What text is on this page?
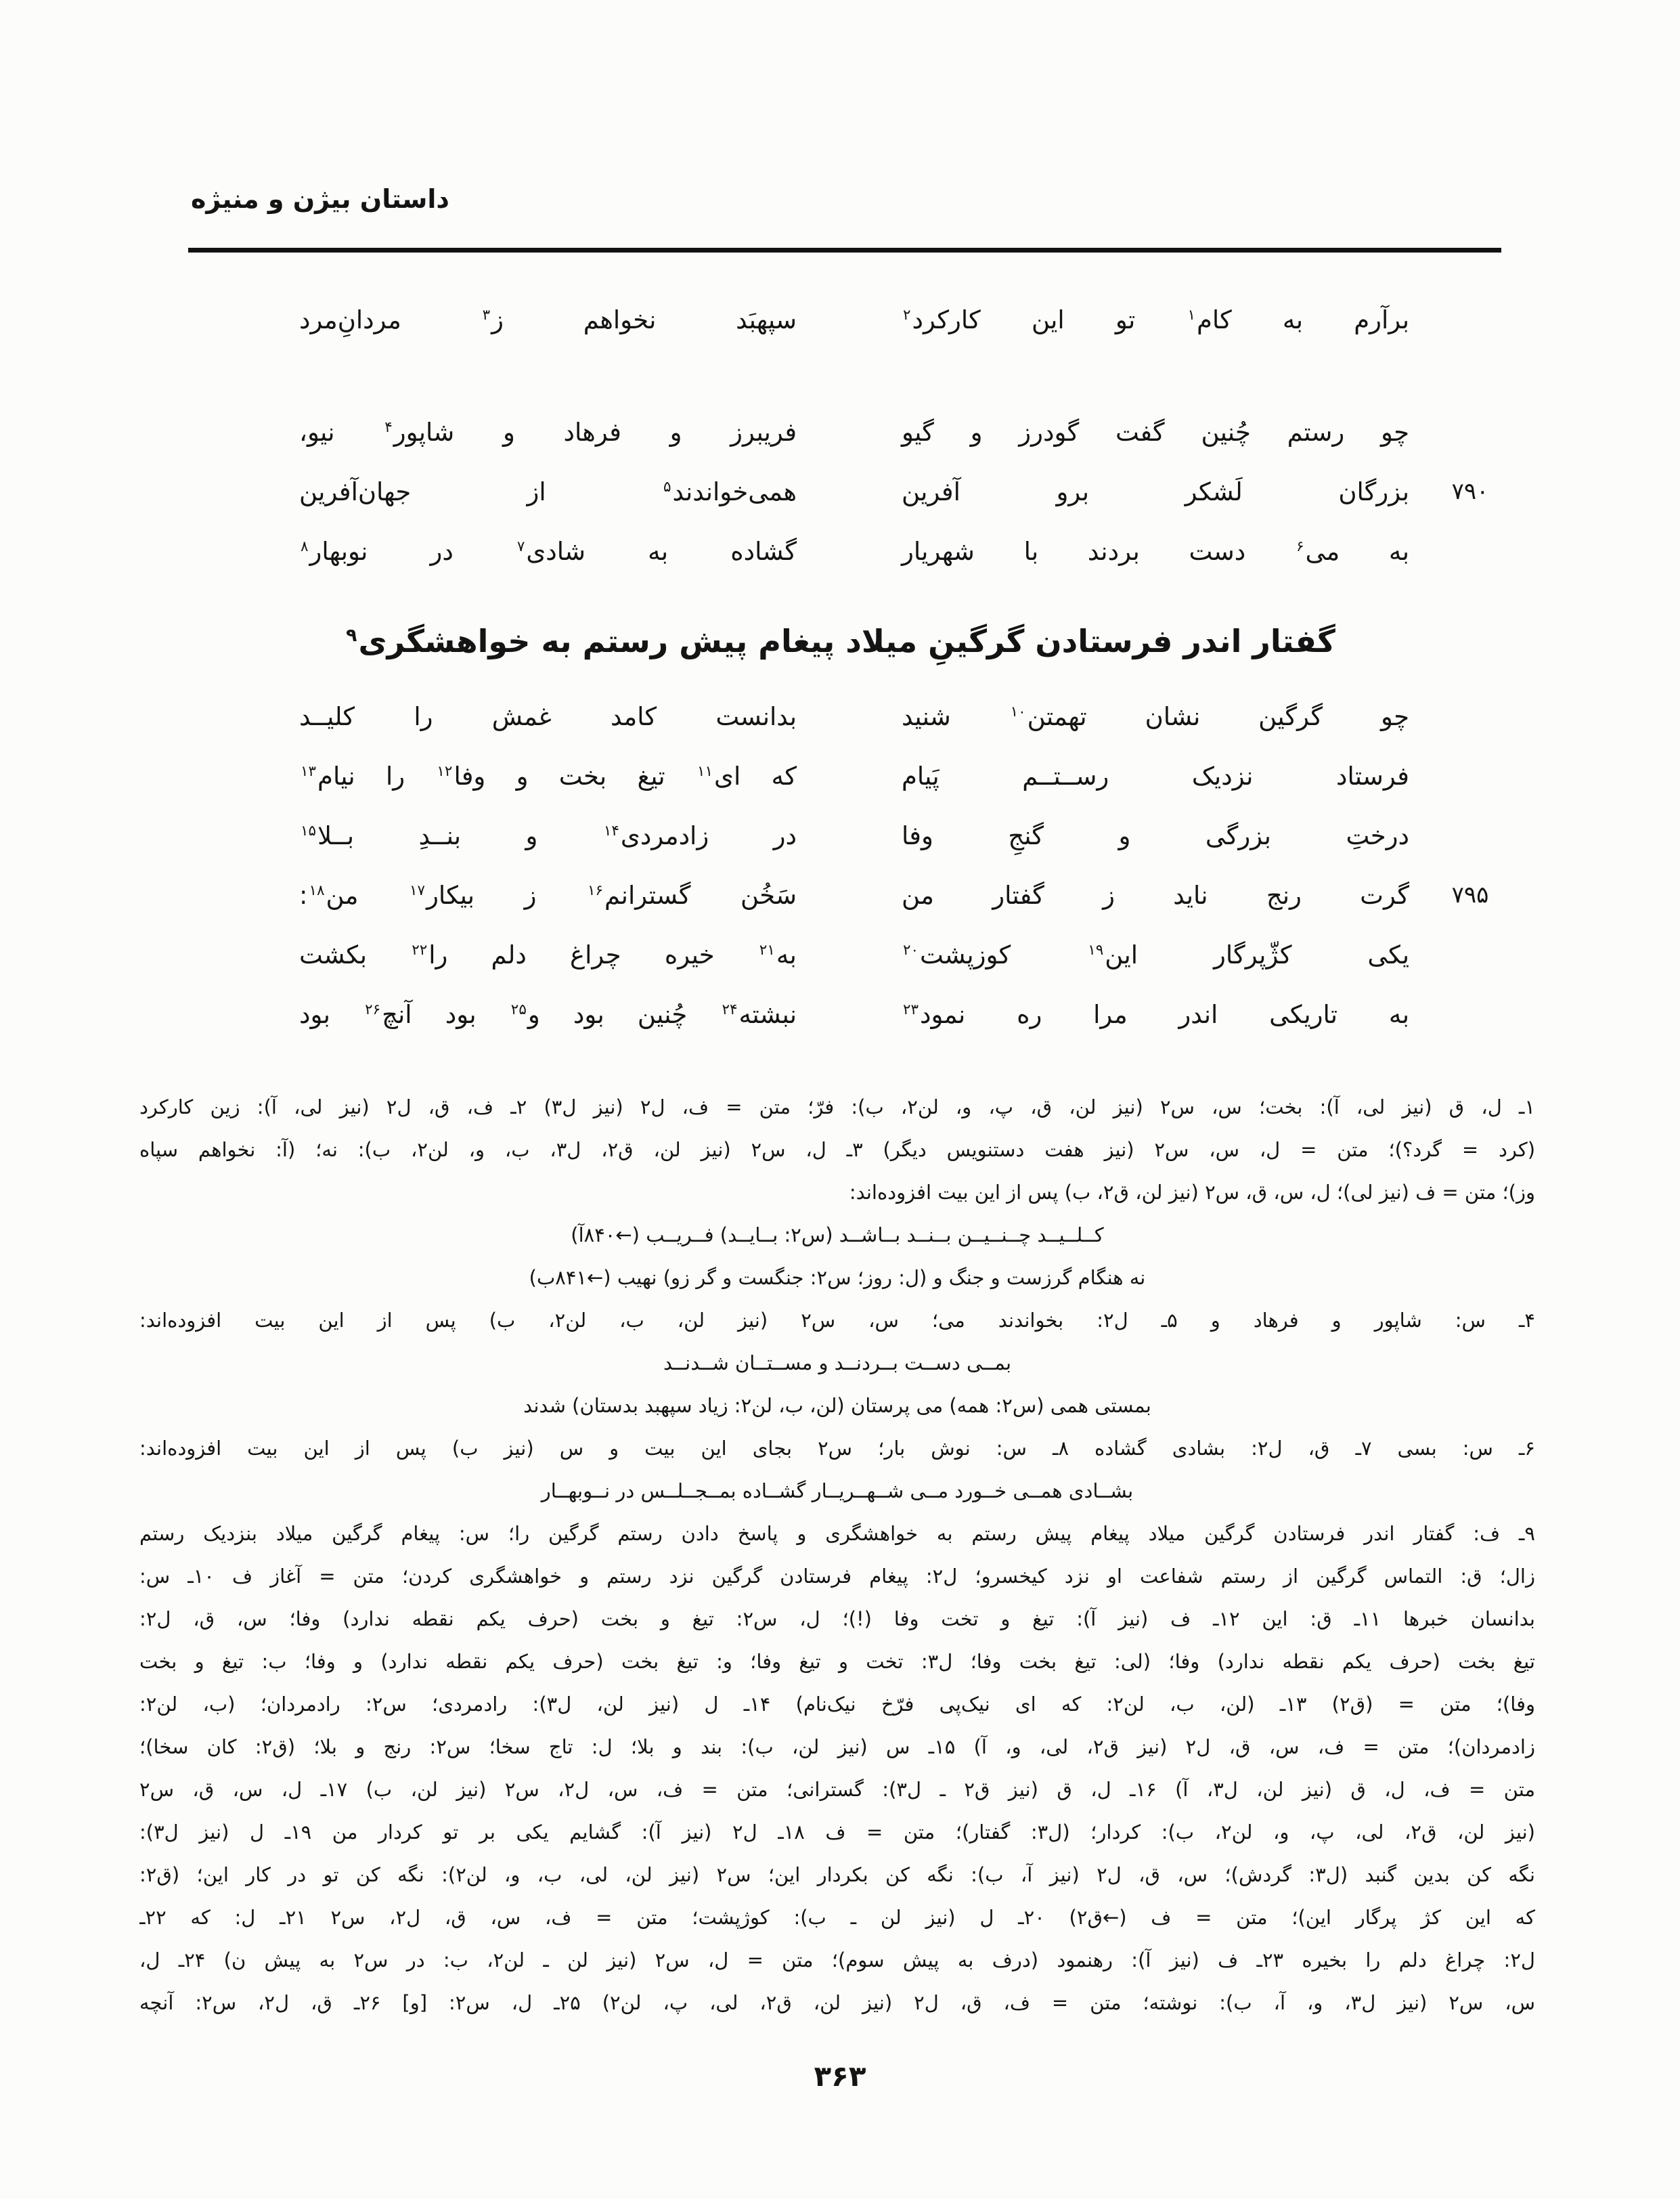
داستان بیژن و منیژه
برآرم به کام$^۱$ تو این کارکرد$^۲$
سپهبَد نخواهم ز$^۳$ مردانِ‌مرد
چو رستم چُنین گفت گودرز و گیو
فریبرز و فرهاد و شاپور$^۴$ نیو،
۷۹۰
بزرگان لَشکر برو آفرین
همی‌خواندند$^۵$ از جهان‌آفرین
به می$^۶$ دست بردند با شهریار
گشاده به شادی$^۷$ در نوبهار$^۸$
گفتار اندر فرستادن گرگینِ میلاد پیغام پیش رستم به خواهشگری$^۹$
چو گرگین نشان تهمتن$^{۱۰}$ شنید
بدانست کامد غمش را کلیــد
فرستاد نزدیک رســتــم پَیام
که ای$^{۱۱}$ تیغ بخت و وفا$^{۱۲}$ را نیام$^{۱۳}$
درختِ بزرگی و گنجِ وفا
در زادمردی$^{۱۴}$ و بنــدِ بــلا$^{۱۵}$
۷۹۵
گرت رنج ناید ز گفتار من
سَخُن گسترانم$^{۱۶}$ ز بیکار$^{۱۷}$ من$^{۱۸}$:
یکی کژّپرگار این$^{۱۹}$ کوزپشت$^{۲۰}$
به$^{۲۱}$ خیره چراغ دلم را$^{۲۲}$ بکشت
به تاریکی اندر مرا ره نمود$^{۲۳}$
نبشته$^{۲۴}$ چُنین بود و$^{۲۵}$ بود آنچ$^{۲۶}$ بود
۱ـ ل، ق (نیز لی، آ): بخت؛ س، س۲ (نیز لن، ق، پ، و، لن۲، ب): فرّ؛ متن = ف، ل۲ (نیز ل۳) ۲ـ ف، ق، ل۲ (نیز لی، آ): زین کارکرد
(کرد = گرد؟)؛ متن = ل، س، س۲ (نیز هفت دستنویس دیگر) ۳ـ ل، س۲ (نیز لن، ق۲، ل۳، ب، و، لن۲، ب): نه؛ (آ: نخواهم سپاه
وز)؛ متن = ف (نیز لی)؛ ل، س، ق، س۲ (نیز لن، ق۲، ب) پس از این بیت افزوده‌اند:
کــلــیــد چــنــیــن بــنــد بــاشــد (س۲: بــایــد) فــریــب (←۸۴۰آ)
نه هنگام گرزست و جنگ و (ل: روز؛ س۲: جنگست و گر زو) نهیب (←۸۴۱ب)
۴ـ س: شاپور و فرهاد و ۵ـ ل۲: بخواندند می؛ س، س۲ (نیز لن، ب، لن۲، ب) پس از این بیت افزوده‌اند:
بمــی دســت بــردنــد و مســتــان شــدنــد
بمستی همی (س۲: همه) می پرستان (لن، ب، لن۲: زیاد سپهبد بدستان) شدند
۶ـ س: بسی ۷ـ ق، ل۲: بشادی گشاده ۸ـ س: نوش بار؛ س۲ بجای این بیت و س (نیز ب) پس از این بیت افزوده‌اند:
بشــادی همــی خــورد مــی شــهــریــار گشــاده بمــجــلــس در نــوبهــار
۹ـ ف: گفتار اندر فرستادن گرگین میلاد پیغام پیش رستم به خواهشگری و پاسخ دادن رستم گرگین را؛ س: پیغام گرگین میلاد بنزدیک رستم
زال؛ ق: التماس گرگین از رستم شفاعت او نزد کیخسرو؛ ل۲: پیغام فرستادن گرگین نزد رستم و خواهشگری کردن؛ متن = آغاز ف ۱۰ـ س:
بدانسان خبرها ۱۱ـ ق: این ۱۲ـ ف (نیز آ): تیغ و تخت وفا (!)؛ ل، س۲: تیغ و بخت (حرف یکم نقطه ندارد) وفا؛ س، ق، ل۲:
تیغ بخت (حرف یکم نقطه ندارد) وفا؛ (لی: تیغ بخت وفا؛ ل۳: تخت و تیغ وفا؛ و: تیغ بخت (حرف یکم نقطه ندارد) و وفا؛ ب: تیغ و بخت
وفا)؛ متن = (ق۲) ۱۳ـ (لن، ب، لن۲: که ای نیک‌پی فرّخ نیک‌نام) ۱۴ـ ل (نیز لن، ل۳): رادمردی؛ س۲: رادمردان؛ (ب، لن۲:
زادمردان)؛ متن = ف، س، ق، ل۲ (نیز ق۲، لی، و، آ) ۱۵ـ س (نیز لن، ب): بند و بلا؛ ل: تاج سخا؛ س۲: رنج و بلا؛ (ق۲: کان سخا)؛
متن = ف، ل، ق (نیز لن، ل۳، آ) ۱۶ـ ل، ق (نیز ق۲ ـ ل۳): گسترانی؛ متن = ف، س، ل۲، س۲ (نیز لن، ب) ۱۷ـ ل، س، ق، س۲
(نیز لن، ق۲، لی، پ، و، لن۲، ب): کردار؛ (ل۳: گفتار)؛ متن = ف ۱۸ـ ل۲ (نیز آ): گشایم یکی بر تو کردار من ۱۹ـ ل (نیز ل۳):
نگه کن بدین گنبد (ل۳: گردش)؛ س، ق، ل۲ (نیز آ، ب): نگه کن بکردار این؛ س۲ (نیز لن، لی، ب، و، لن۲): نگه کن تو در کار این؛ (ق۲:
که این کژ پرگار این)؛ متن = ف (←ق۲) ۲۰ـ ل (نیز لن ـ ب): کوژپشت؛ متن = ف، س، ق، ل۲، س۲ ۲۱ـ ل: که ۲۲ـ
ل۲: چراغ دلم را بخیره ۲۳ـ ف (نیز آ): رهنمود (درف به پیش سوم)؛ متن = ل، س۲ (نیز لن ـ لن۲، ب: در س۲ به پیش ن) ۲۴ـ ل،
س، س۲ (نیز ل۳، و، آ، ب): نوشته؛ متن = ف، ق، ل۲ (نیز لن، ق۲، لی، پ، لن۲) ۲۵ـ ل، س۲: [و] ۲۶ـ ق، ل۲، س۲: آنچه
۳۶۳
